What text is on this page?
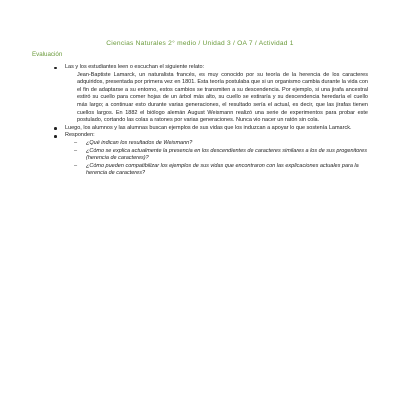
Ciencias Naturales 2° medio / Unidad 3 / OA 7 / Actividad 1
Evaluación
Las y los estudiantes leen o escuchan el siguiente relato:
Jean-Baptiste Lamarck, un naturalista francés, es muy conocido por su teoría de la herencia de los caracteres adquiridos, presentada por primera vez en 1801. Esta teoría postulaba que si un organismo cambia durante la vida con el fin de adaptarse a su entorno, estos cambios se transmiten a su descendencia. Por ejemplo, si una jirafa ancestral estiró su cuello para comer hojas de un árbol más alto, su cuello se estiraría y su descendencia heredaría el cuello más largo; a continuar esto durante varias generaciones, el resultado sería el actual, es decir, que las jirafas tienen cuellos largos. En 1882 el biólogo alemán August Weismann realizó una serie de experimentos para probar este postulado, cortando las colas a ratones por varias generaciones. Nunca vio nacer un ratón sin cola.
Luego, los alumnos y las alumnas buscan ejemplos de sus vidas que los induzcan a apoyar lo que sostenía Lamarck.
Responden:
– ¿Qué indican los resultados de Weismann?
– ¿Cómo se explica actualmente la presencia en los descendientes de caracteres similares a los de sus progenitores (herencia de caracteres)?
– ¿Cómo pueden compatibilizar los ejemplos de sus vidas que encontraron con las explicaciones actuales para la herencia de caracteres?
